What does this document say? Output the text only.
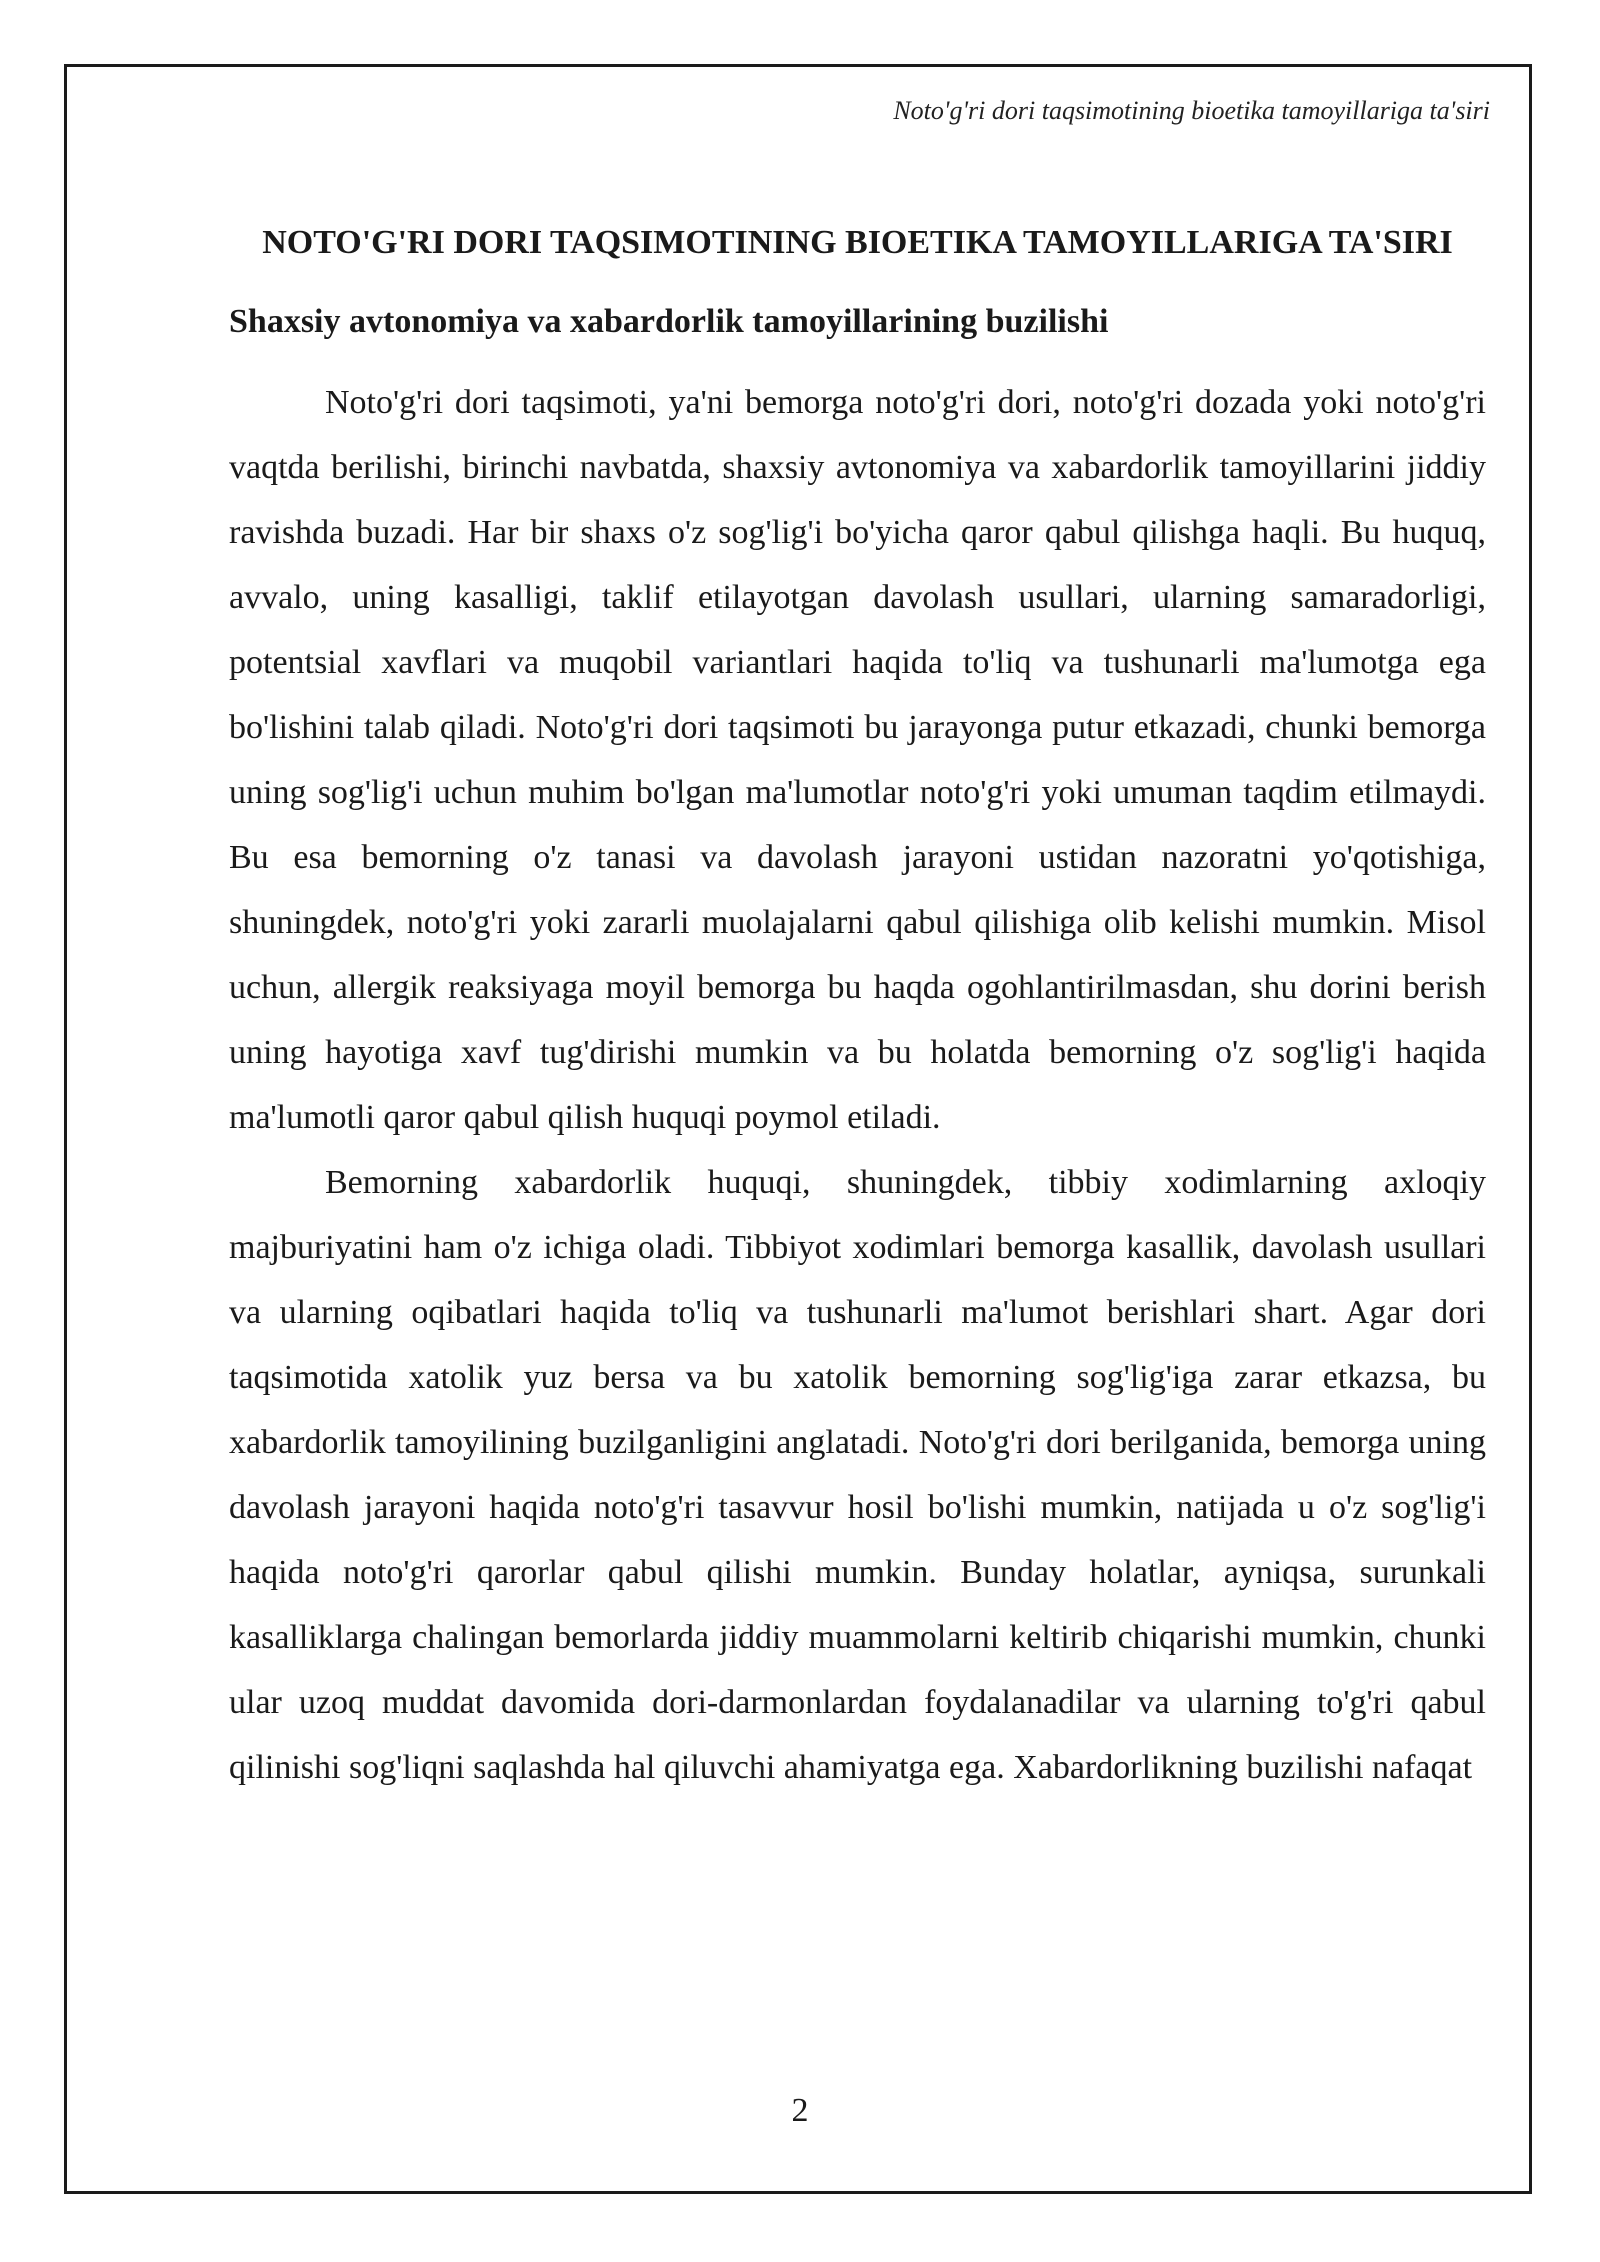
Noto'g'ri dori taqsimotining bioetika tamoyillariga ta'siri
NOTO'G'RI DORI TAQSIMOTINING BIOETIKA TAMOYILLARIGA TA'SIRI
Shaxsiy avtonomiya va xabardorlik tamoyillarining buzilishi

Noto'g'ri dori taqsimoti, ya'ni bemorga noto'g'ri dori, noto'g'ri dozada yoki noto'g'ri vaqtda berilishi, birinchi navbatda, shaxsiy avtonomiya va xabardorlik tamoyillarini jiddiy ravishda buzadi. Har bir shaxs o'z sog'lig'i bo'yicha qaror qabul qilishga haqli. Bu huquq, avvalo, uning kasalligi, taklif etilayotgan davolash usullari, ularning samaradorligi, potentsial xavflari va muqobil variantlari haqida to'liq va tushunarli ma'lumotga ega bo'lishini talab qiladi. Noto'g'ri dori taqsimoti bu jarayonga putur etkazadi, chunki bemorga uning sog'lig'i uchun muhim bo'lgan ma'lumotlar noto'g'ri yoki umuman taqdim etilmaydi. Bu esa bemorning o'z tanasi va davolash jarayoni ustidan nazoratni yo'qotishiga, shuningdek, noto'g'ri yoki zararli muolajalarni qabul qilishiga olib kelishi mumkin. Misol uchun, allergik reaksiyaga moyil bemorga bu haqda ogohlantirilmasdan, shu dorini berish uning hayotiga xavf tug'dirishi mumkin va bu holatda bemorning o'z sog'lig'i haqida ma'lumotli qaror qabul qilish huquqi poymol etiladi.

Bemorning xabardorlik huquqi, shuningdek, tibbiy xodimlarning axloqiy majburiyatini ham o'z ichiga oladi. Tibbiyot xodimlari bemorga kasallik, davolash usullari va ularning oqibatlari haqida to'liq va tushunarli ma'lumot berishlari shart. Agar dori taqsimotida xatolik yuz bersa va bu xatolik bemorning sog'lig'iga zarar etkazsa, bu xabardorlik tamoyilining buzilganligini anglatadi. Noto'g'ri dori berilganida, bemorga uning davolash jarayoni haqida noto'g'ri tasavvur hosil bo'lishi mumkin, natijada u o'z sog'lig'i haqida noto'g'ri qarorlar qabul qilishi mumkin. Bunday holatlar, ayniqsa, surunkali kasalliklarga chalingan bemorlarda jiddiy muammolarni keltirib chiqarishi mumkin, chunki ular uzoq muddat davomida dori-darmonlardan foydalanadilar va ularning to'g'ri qabul qilinishi sog'liqni saqlashda hal qiluvchi ahamiyatga ega. Xabardorlikning buzilishi nafaqat

2
